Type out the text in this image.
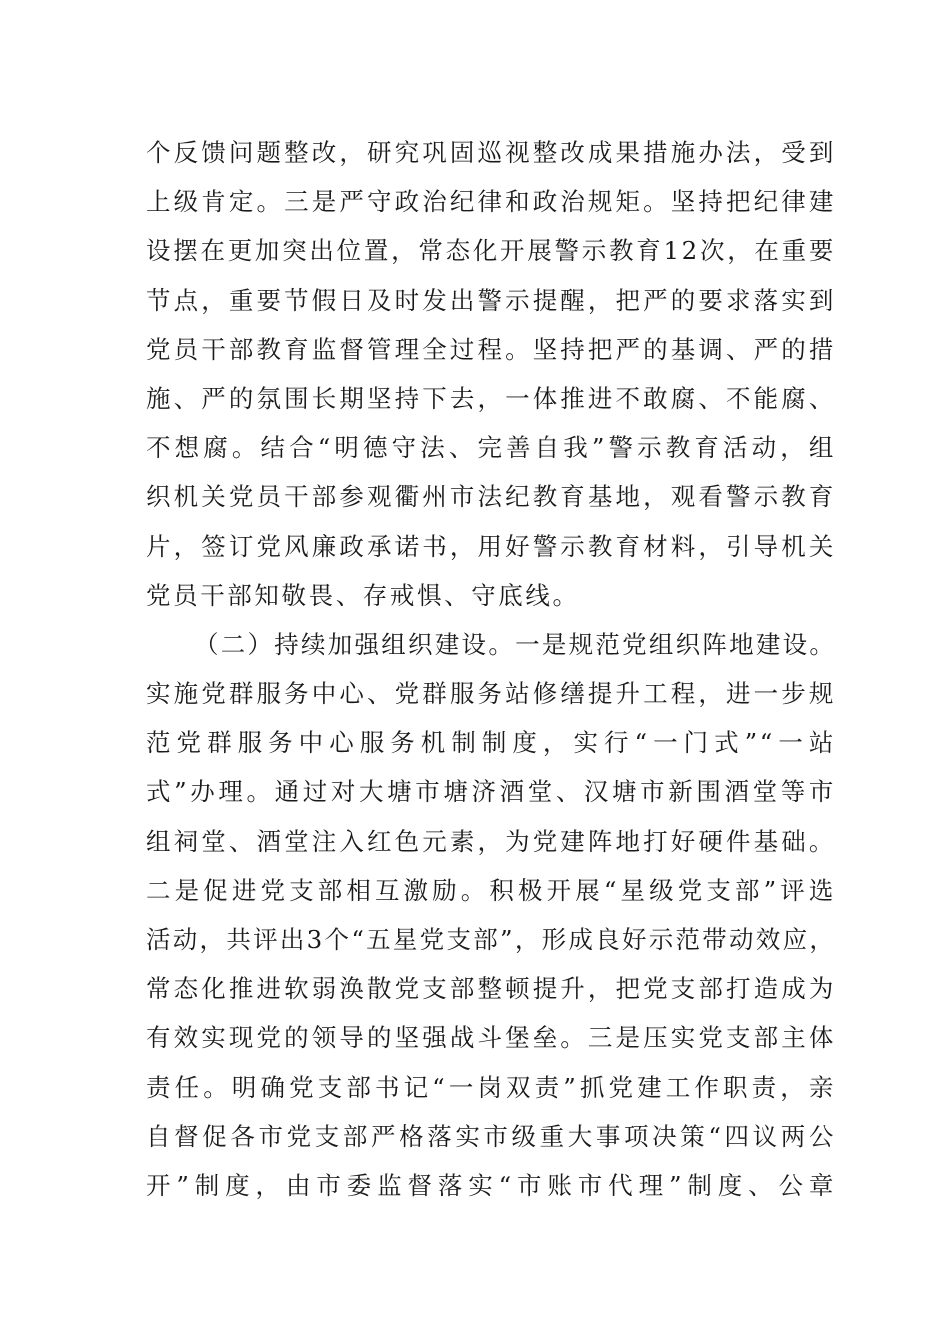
个反馈问题整改，研究巩固巡视整改成果措施办法，受到
上级肯定。三是严守政治纪律和政治规矩。坚持把纪律建
设摆在更加突出位置，常态化开展警示教育12次，在重要
节点，重要节假日及时发出警示提醒，把严的要求落实到
党员干部教育监督管理全过程。坚持把严的基调、严的措
施、严的氛围长期坚持下去，一体推进不敢腐、不能腐、
不想腐。结合“明德守法、完善自我”警示教育活动，组
织机关党员干部参观衢州市法纪教育基地，观看警示教育
片，签订党风廉政承诺书，用好警示教育材料，引导机关
党员干部知敬畏、存戒惧、守底线。
（二）持续加强组织建设。一是规范党组织阵地建设。
实施党群服务中心、党群服务站修缮提升工程，进一步规
范党群服务中心服务机制制度，实行“一门式”“一站
式”办理。通过对大塘市塘济酒堂、汉塘市新围酒堂等市
组祠堂、酒堂注入红色元素，为党建阵地打好硬件基础。
二是促进党支部相互激励。积极开展“星级党支部”评选
活动，共评出3个“五星党支部”，形成良好示范带动效应，
常态化推进软弱涣散党支部整顿提升，把党支部打造成为
有效实现党的领导的坚强战斗堡垒。三是压实党支部主体
责任。明确党支部书记“一岗双责”抓党建工作职责，亲
自督促各市党支部严格落实市级重大事项决策“四议两公
开”制度，由市委监督落实“市账市代理”制度、公章
